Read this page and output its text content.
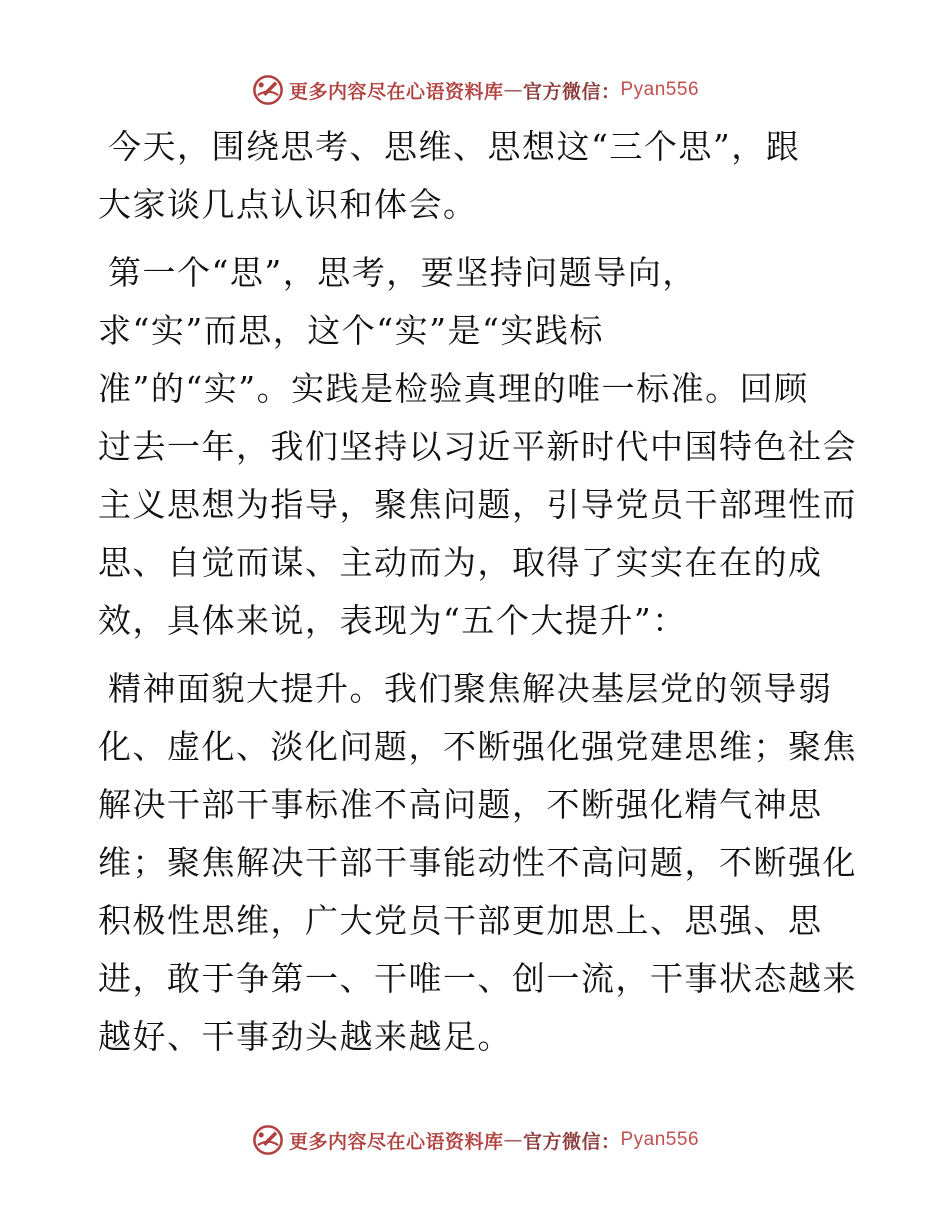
更多内容尽在心语资料库 — 官方微信： Pyan556

今天，围绕思考、思维、思想这“三个思”，跟
大家谈几点认识和体会。

第一个“思”，思考，要坚持问题导向，
求“实”而思，这个“实”是“实践标
准”的“实”。实践是检验真理的唯一标准。回顾
过去一年，我们坚持以习近平新时代中国特色社会
主义思想为指导，聚焦问题，引导党员干部理性而
思、自觉而谋、主动而为，取得了实实在在的成
效，具体来说，表现为“五个大提升”：

精神面貌大提升。我们聚焦解决基层党的领导弱
化、虚化、淡化问题，不断强化强党建思维；聚焦
解决干部干事标准不高问题，不断强化精气神思
维；聚焦解决干部干事能动性不高问题，不断强化
积极性思维，广大党员干部更加思上、思强、思
进，敢于争第一、干唯一、创一流，干事状态越来
越好、干事劲头越来越足。

更多内容尽在心语资料库 — 官方微信： Pyan556
